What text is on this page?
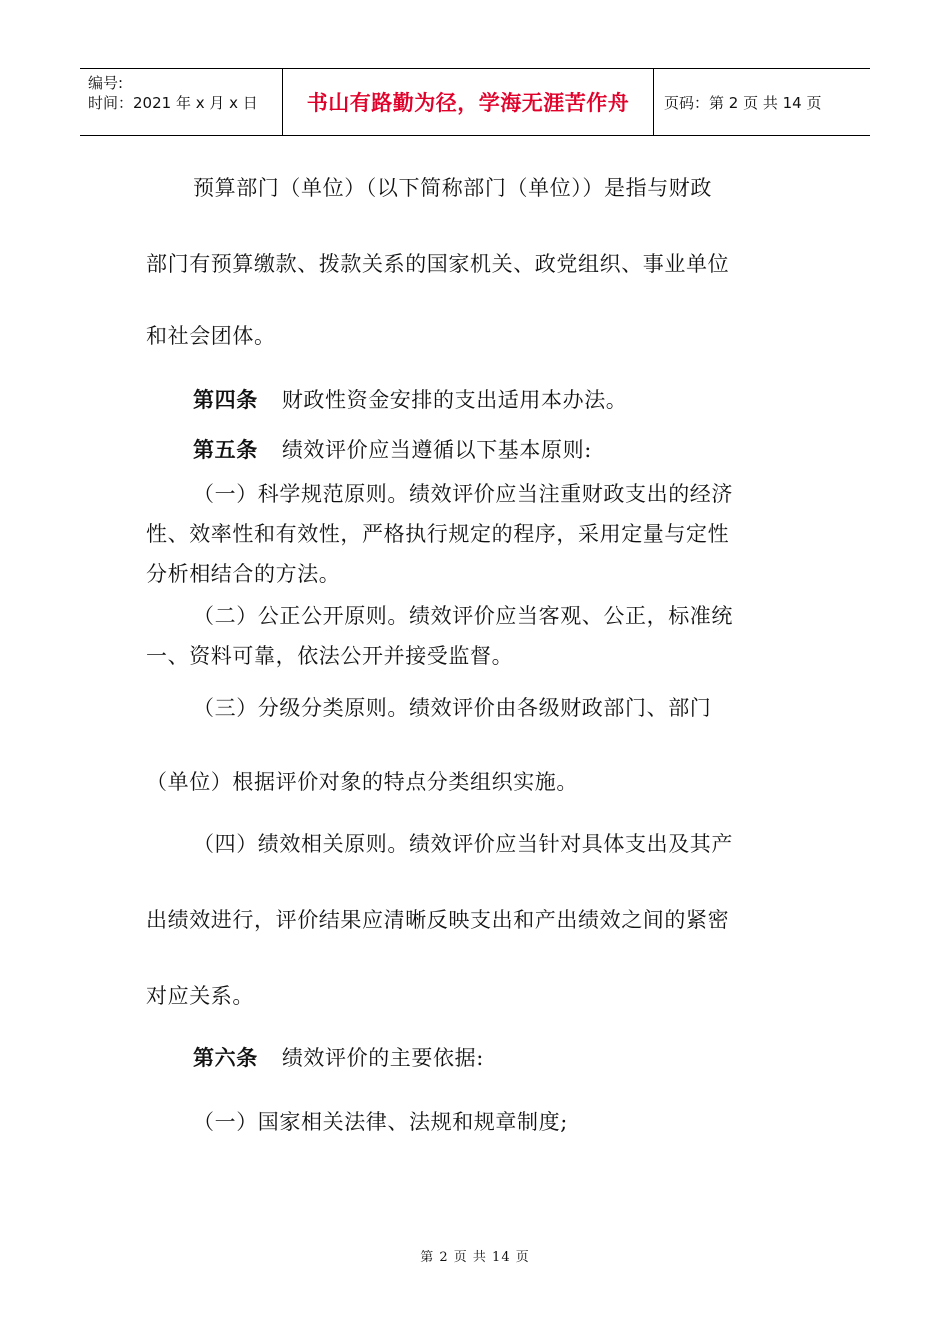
编号:
时间：2021 年 x 月 x 日	书山有路勤为径，学海无涯苦作舟	页码：第 2 页 共 14 页
预算部门（单位）（以下简称部门（单位））是指与财政
部门有预算缴款、拨款关系的国家机关、政党组织、事业单位
和社会团体。
第四条 财政性资金安排的支出适用本办法。
第五条 绩效评价应当遵循以下基本原则:
（一）科学规范原则。绩效评价应当注重财政支出的经济
性、效率性和有效性，严格执行规定的程序，采用定量与定性
分析相结合的方法。
（二）公正公开原则。绩效评价应当客观、公正，标准统
一、资料可靠，依法公开并接受监督。
（三）分级分类原则。绩效评价由各级财政部门、部门
（单位）根据评价对象的特点分类组织实施。
（四）绩效相关原则。绩效评价应当针对具体支出及其产
出绩效进行，评价结果应清晰反映支出和产出绩效之间的紧密
对应关系。
第六条 绩效评价的主要依据:
（一）国家相关法律、法规和规章制度;
第 2 页 共 14 页
